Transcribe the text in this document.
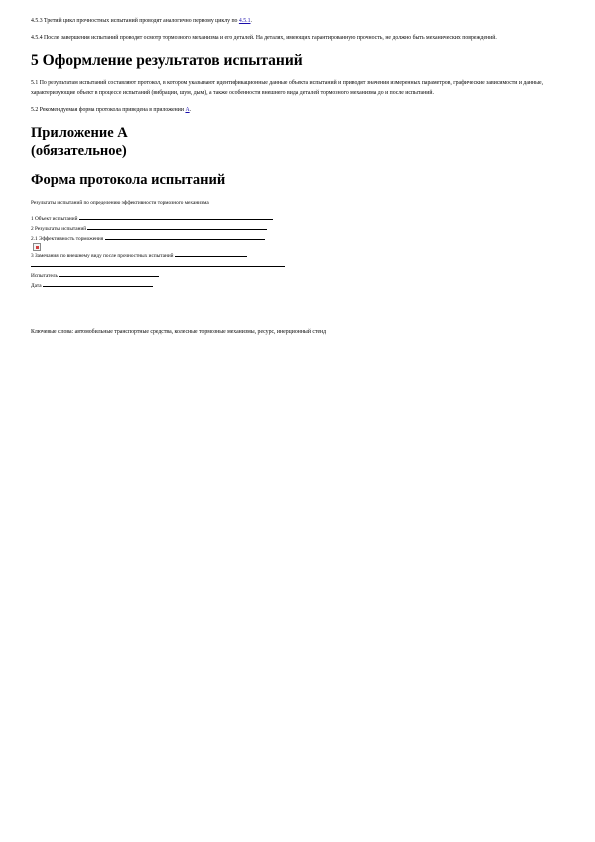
4.5.3 Третий цикл прочностных испытаний проводят аналогично первому циклу по 4.5.1.

4.5.4 После завершения испытаний проводят осмотр тормозного механизма и его деталей. На деталях, имеющих гарантированную прочность, не должно быть механических повреждений.

5 Оформление результатов испытаний

5.1 По результатам испытаний составляют протокол, в котором указывают идентификационные данные объекта испытаний и приводят значения измеренных параметров, графические зависимости и данные, характеризующие объект в процессе испытаний (вибрации, шум, дым), а также особенности внешнего вида деталей тормозного механизма до и после испытаний.

5.2 Рекомендуемая форма протокола приведена в приложении А.

Приложение А
(обязательное)
Форма протокола испытаний

Результаты испытаний по определению эффективности тормозного механизма

1 Объект испытаний
2 Результаты испытаний
2.1 Эффективность торможения
3 Замечания по внешнему виду после прочностных испытаний
Испытатель
Дата

Ключевые слова: автомобильные транспортные средства, колесные тормозные механизмы, ресурс, инерционный стенд
